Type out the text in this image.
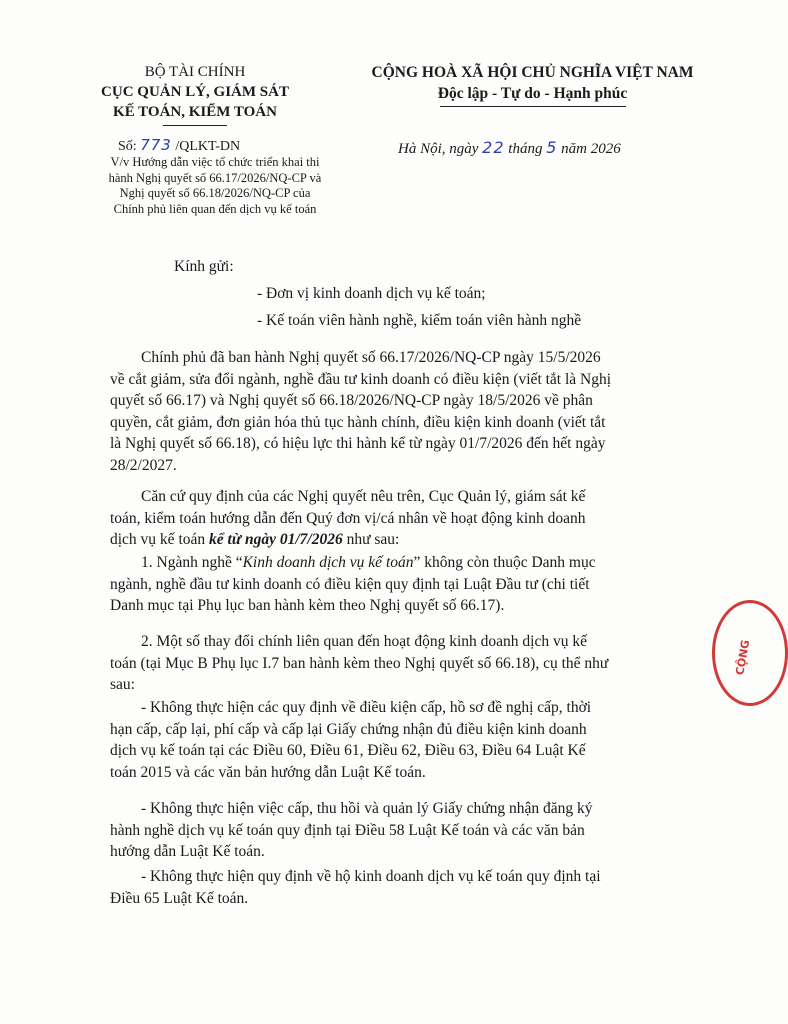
BỘ TÀI CHÍNH
CỤC QUẢN LÝ, GIÁM SÁT
KẾ TOÁN, KIỂM TOÁN
CỘNG HOÀ XÃ HỘI CHỦ NGHĨA VIỆT NAM
Độc lập - Tự do - Hạnh phúc
Số: 773 /QLKT-DN
V/v Hướng dẫn việc tổ chức triển khai thi
hành Nghị quyết số 66.17/2026/NQ-CP và
Nghị quyết số 66.18/2026/NQ-CP của
Chính phủ liên quan đến dịch vụ kế toán
Hà Nội, ngày 22 tháng 5 năm 2026
Kính gửi:
- Đơn vị kinh doanh dịch vụ kế toán;
- Kế toán viên hành nghề, kiểm toán viên hành nghề
Chính phủ đã ban hành Nghị quyết số 66.17/2026/NQ-CP ngày 15/5/2026
về cắt giảm, sửa đổi ngành, nghề đầu tư kinh doanh có điều kiện (viết tắt là Nghị
quyết số 66.17) và Nghị quyết số 66.18/2026/NQ-CP ngày 18/5/2026 về phân
quyền, cắt giảm, đơn giản hóa thủ tục hành chính, điều kiện kinh doanh (viết tắt
là Nghị quyết số 66.18), có hiệu lực thi hành kể từ ngày 01/7/2026 đến hết ngày
28/2/2027.
Căn cứ quy định của các Nghị quyết nêu trên, Cục Quản lý, giám sát kế
toán, kiểm toán hướng dẫn đến Quý đơn vị/cá nhân về hoạt động kinh doanh
dịch vụ kế toán kể từ ngày 01/7/2026 như sau:
1. Ngành nghề “Kinh doanh dịch vụ kế toán” không còn thuộc Danh mục
ngành, nghề đầu tư kinh doanh có điều kiện quy định tại Luật Đầu tư (chi tiết
Danh mục tại Phụ lục ban hành kèm theo Nghị quyết số 66.17).
2. Một số thay đổi chính liên quan đến hoạt động kinh doanh dịch vụ kế
toán (tại Mục B Phụ lục I.7 ban hành kèm theo Nghị quyết số 66.18), cụ thể như
sau:
- Không thực hiện các quy định về điều kiện cấp, hồ sơ đề nghị cấp, thời
hạn cấp, cấp lại, phí cấp và cấp lại Giấy chứng nhận đủ điều kiện kinh doanh
dịch vụ kế toán tại các Điều 60, Điều 61, Điều 62, Điều 63, Điều 64 Luật Kế
toán 2015 và các văn bản hướng dẫn Luật Kế toán.
- Không thực hiện việc cấp, thu hồi và quản lý Giấy chứng nhận đăng ký
hành nghề dịch vụ kế toán quy định tại Điều 58 Luật Kế toán và các văn bản
hướng dẫn Luật Kế toán.
- Không thực hiện quy định về hộ kinh doanh dịch vụ kế toán quy định tại
Điều 65 Luật Kế toán.
CỘNG
